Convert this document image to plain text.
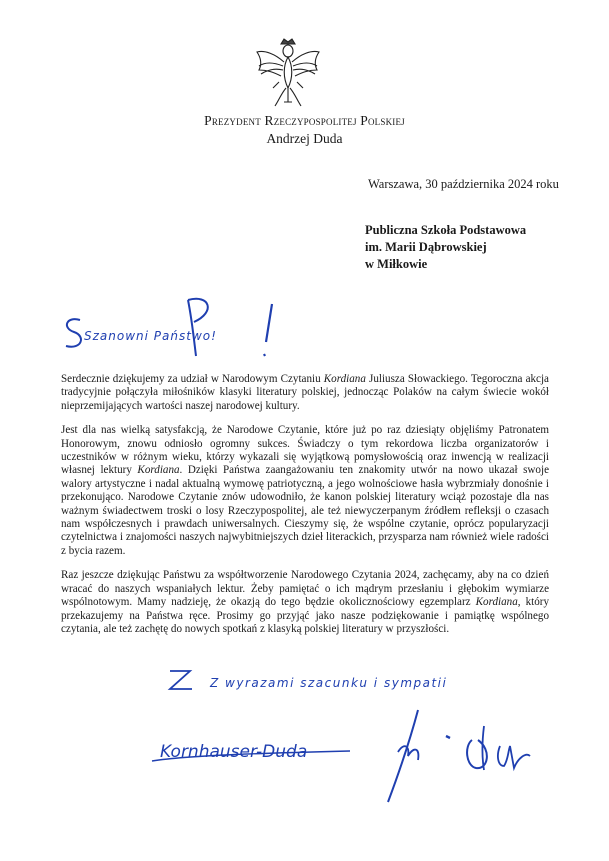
Prezydent Rzeczypospolitej Polskiej
Andrzej Duda
Warszawa, 30 października 2024 roku
Publiczna Szkoła Podstawowa
im. Marii Dąbrowskiej
w Miłkowie
Szanowni Państwo!

Serdecznie dziękujemy za udział w Narodowym Czytaniu Kordiana Juliusza Słowackiego. Tegoroczna akcja tradycyjnie połączyła miłośników klasyki literatury polskiej, jednocząc Polaków na całym świecie wokół nieprzemijających wartości naszej narodowej kultury.

Jest dla nas wielką satysfakcją, że Narodowe Czytanie, które już po raz dziesiąty objęliśmy Patronatem Honorowym, znowu odniosło ogromny sukces. Świadczy o tym rekordowa liczba organizatorów i uczestników w różnym wieku, którzy wykazali się wyjątkową pomysłowością oraz inwencją w realizacji własnej lektury Kordiana. Dzięki Państwa zaangażowaniu ten znakomity utwór na nowo ukazał swoje walory artystyczne i nadal aktualną wymowę patriotyczną, a jego wolnościowe hasła wybrzmiały donośnie i przekonująco. Narodowe Czytanie znów udowodniło, że kanon polskiej literatury wciąż pozostaje dla nas ważnym świadectwem troski o losy Rzeczypospolitej, ale też niewyczerpanym źródłem refleksji o czasach nam współczesnych i prawdach uniwersalnych. Cieszymy się, że wspólne czytanie, oprócz popularyzacji czytelnictwa i znajomości naszych najwybitniejszych dzieł literackich, przysparza nam również wiele radości z bycia razem.

Raz jeszcze dziękując Państwu za współtworzenie Narodowego Czytania 2024, zachęcamy, aby na co dzień wracać do naszych wspaniałych lektur. Żeby pamiętać o ich mądrym przesłaniu i głębokim wymiarze wspólnotowym. Mamy nadzieję, że okazją do tego będzie okolicznościowy egzemplarz Kordiana, który przekazujemy na Państwa ręce. Prosimy go przyjąć jako nasze podziękowanie i pamiątkę wspólnego czytania, ale też zachętę do nowych spotkań z klasyką polskiej literatury w przyszłości.

Z wyrazami szacunku i sympatii
Kornhauser-Duda
